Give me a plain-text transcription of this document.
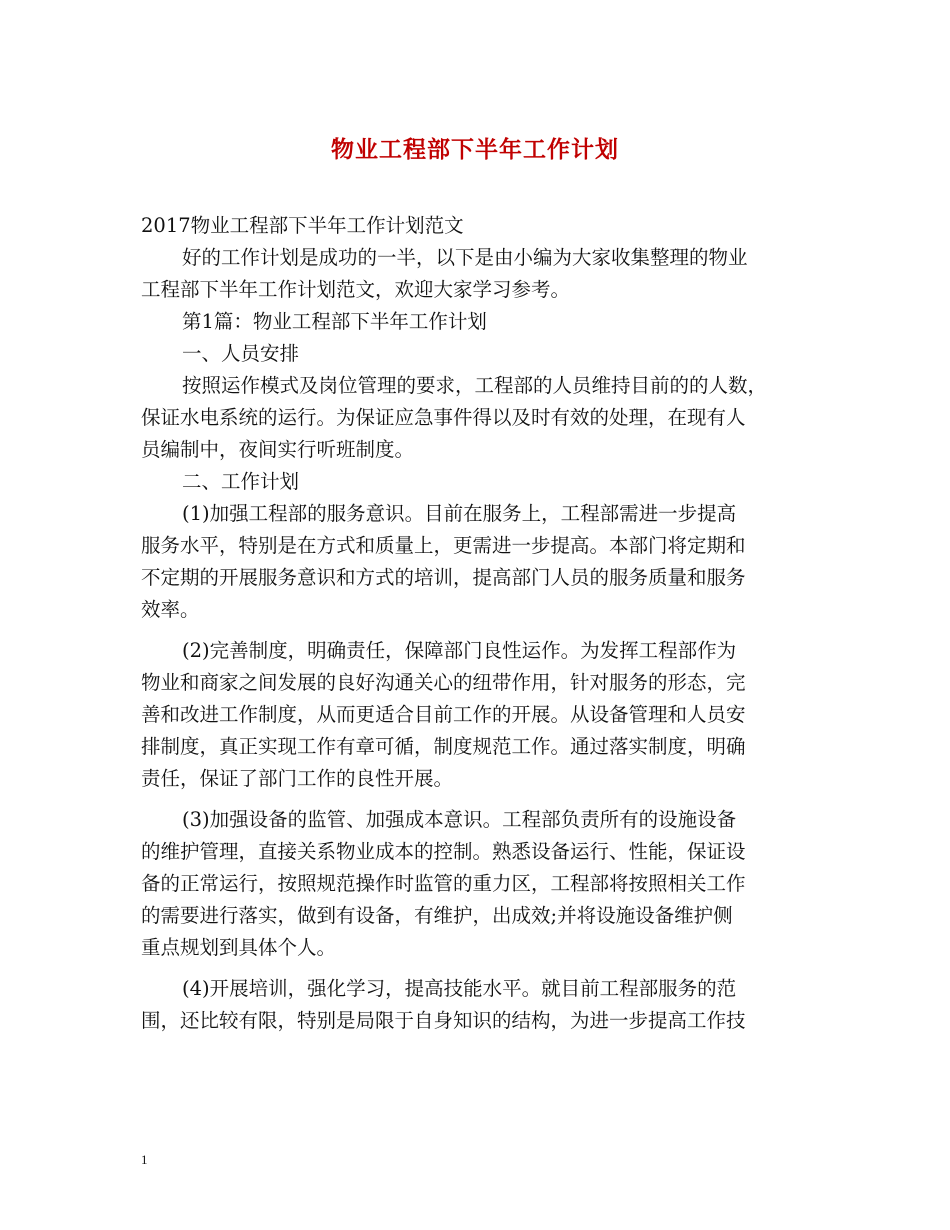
物业工程部下半年工作计划
2017物业工程部下半年工作计划范文
好的工作计划是成功的一半，以下是由小编为大家收集整理的物业
工程部下半年工作计划范文，欢迎大家学习参考。
第1篇：物业工程部下半年工作计划
一、人员安排
按照运作模式及岗位管理的要求，工程部的人员维持目前的的人数，
保证水电系统的运行。为保证应急事件得以及时有效的处理，在现有人
员编制中，夜间实行听班制度。
二、工作计划
(1)加强工程部的服务意识。目前在服务上，工程部需进一步提高
服务水平，特别是在方式和质量上，更需进一步提高。本部门将定期和
不定期的开展服务意识和方式的培训，提高部门人员的服务质量和服务
效率。
(2)完善制度，明确责任，保障部门良性运作。为发挥工程部作为
物业和商家之间发展的良好沟通关心的纽带作用，针对服务的形态，完
善和改进工作制度，从而更适合目前工作的开展。从设备管理和人员安
排制度，真正实现工作有章可循，制度规范工作。通过落实制度，明确
责任，保证了部门工作的良性开展。
(3)加强设备的监管、加强成本意识。工程部负责所有的设施设备
的维护管理，直接关系物业成本的控制。熟悉设备运行、性能，保证设
备的正常运行，按照规范操作时监管的重力区，工程部将按照相关工作
的需要进行落实，做到有设备，有维护，出成效;并将设施设备维护侧
重点规划到具体个人。
(4)开展培训，强化学习，提高技能水平。就目前工程部服务的范
围，还比较有限，特别是局限于自身知识的结构，为进一步提高工作技
1
